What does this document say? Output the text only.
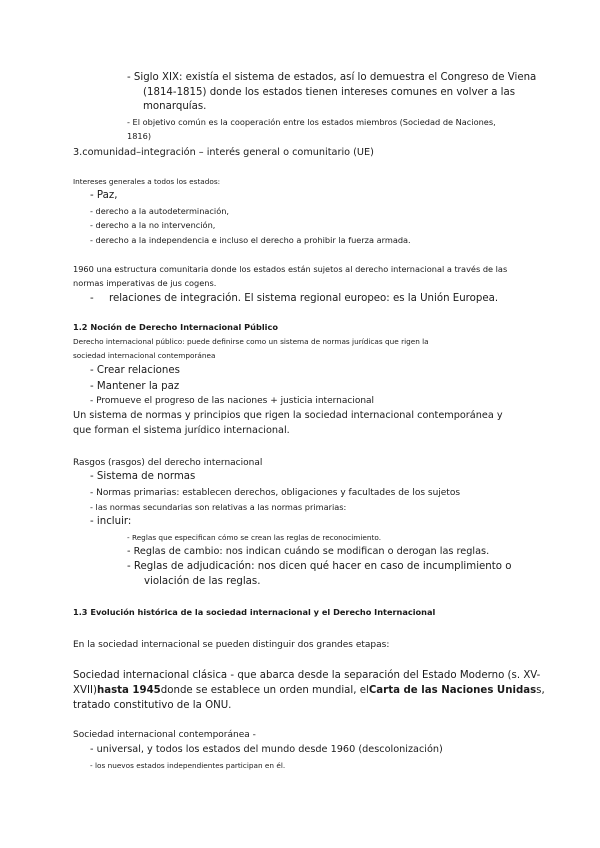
- Siglo XIX: existía el sistema de estados, así lo demuestra el Congreso de Viena

(1814-1815) donde los estados tienen intereses comunes en volver a las

monarquías.

- El objetivo común es la cooperación entre los estados miembros (Sociedad de Naciones,

1816)

3.comunidad–integración – interés general o comunitario (UE)

Intereses generales a todos los estados:

- Paz,

- derecho a la autodeterminación,

- derecho a la no intervención,

- derecho a la independencia e incluso el derecho a prohibir la fuerza armada.

1960 una estructura comunitaria donde los estados están sujetos al derecho internacional a través de las

normas imperativas de jus cogens.

- relaciones de integración. El sistema regional europeo: es la Unión Europea.

1.2 Noción de Derecho Internacional Público

Derecho internacional público: puede definirse como un sistema de normas jurídicas que rigen la

sociedad internacional contemporánea

- Crear relaciones

- Mantener la paz

- Promueve el progreso de las naciones + justicia internacional

Un sistema de normas y principios que rigen la sociedad internacional contemporánea y

que forman el sistema jurídico internacional.

Rasgos (rasgos) del derecho internacional

- Sistema de normas

- Normas primarias: establecen derechos, obligaciones y facultades de los sujetos

- las normas secundarias son relativas a las normas primarias:

- incluir:

- Reglas que especifican cómo se crean las reglas de reconocimiento.

- Reglas de cambio: nos indican cuándo se modifican o derogan las reglas.

- Reglas de adjudicación: nos dicen qué hacer en caso de incumplimiento o

violación de las reglas.

1.3 Evolución histórica de la sociedad internacional y el Derecho Internacional

En la sociedad internacional se pueden distinguir dos grandes etapas:

Sociedad internacional clásica - que abarca desde la separación del Estado Moderno (s. XV-

XVII)hasta 1945donde se establece un orden mundial, elCarta de las Naciones Unidass,

tratado constitutivo de la ONU.

Sociedad internacional contemporánea -

- universal, y todos los estados del mundo desde 1960 (descolonización)

- los nuevos estados independientes participan en él.
